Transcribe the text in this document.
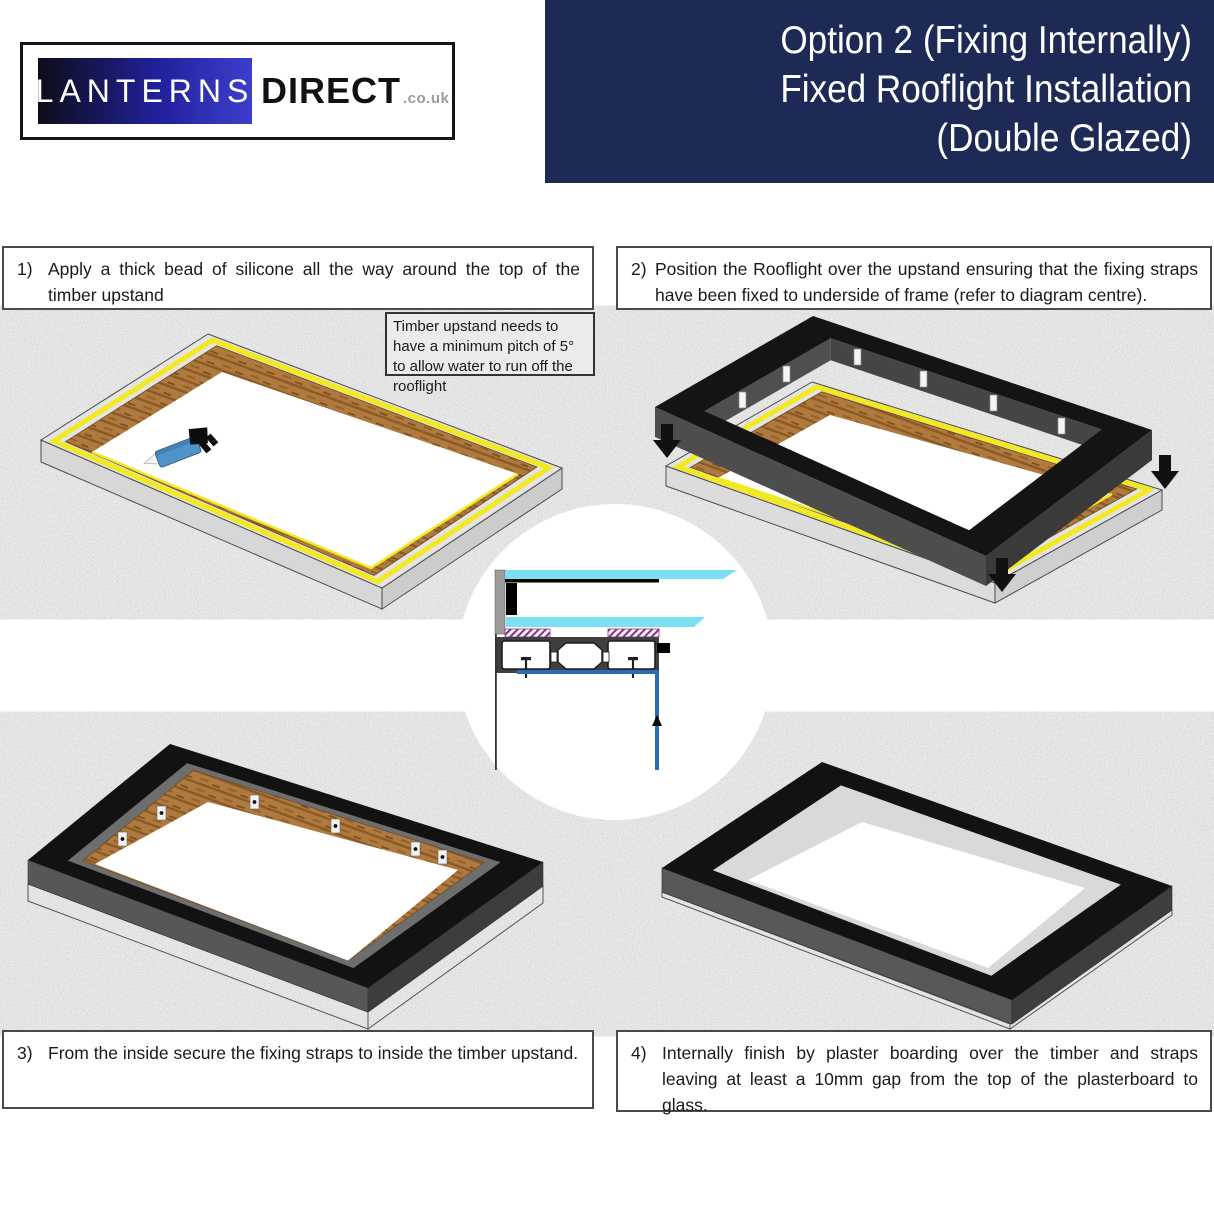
LANTERNS DIRECT .co.uk
Option 2 (Fixing Internally)
Fixed Rooflight Installation
(Double Glazed)
1) Apply a thick bead of silicone all the way around the top of the timber upstand
2) Position the Rooflight over the upstand ensuring that the fixing straps have been fixed to underside of frame (refer to diagram centre).
3) From the inside secure the fixing straps to inside the timber upstand.	4) Internally finish by plaster boarding over the timber and straps leaving at least a 10mm gap from the top of the plasterboard to glass.
Timber upstand needs to have a minimum pitch of 5° to allow water to run off the rooflight
